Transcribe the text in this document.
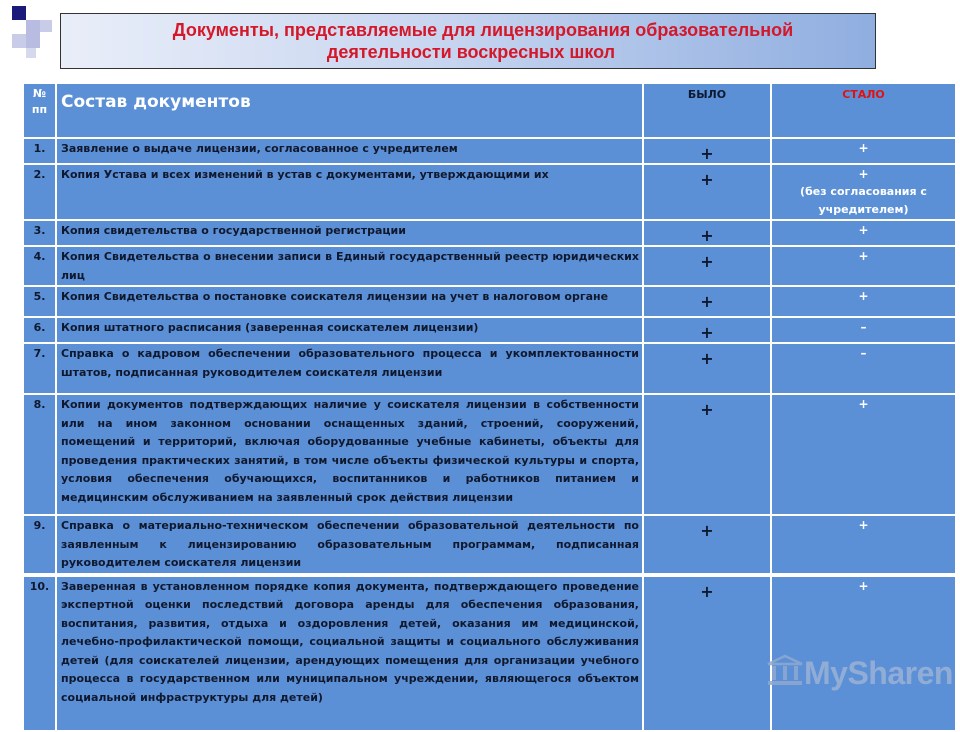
Документы, представляемые для лицензирования образовательной
деятельности воскресных школ
№ пп	Состав документов	БЫЛО	СТАЛО
1.	Заявление о выдаче лицензии, согласованное с учредителем	+	+

2.	Копия Устава и всех изменений в устав с документами, утверждающими их	+	+
(без согласования с учредителем)

3.	Копия свидетельства о государственной регистрации	+	+

4.	Копия Свидетельства о внесении записи в Единый государственный реестр юридических лиц	+	+

5.	Копия Свидетельства о постановке соискателя лицензии на учет в налоговом органе	+	+

6.	Копия штатного расписания (заверенная соискателем лицензии)	+	–

7.	Справка о кадровом обеспечении образовательного процесса и укомплектованности штатов, подписанная руководителем соискателя лицензии	+	–

8.	Копии документов подтверждающих наличие у соискателя лицензии в собственности или на ином законном основании оснащенных зданий, строений, сооружений, помещений и территорий, включая оборудованные учебные кабинеты, объекты для проведения практических занятий, в том числе объекты физической культуры и спорта, условия обеспечения обучающихся, воспитанников и работников питанием и медицинским обслуживанием на заявленный срок действия лицензии	+	+

9.	Справка о материально-техническом обеспечении образовательной деятельности по заявленным к лицензированию образовательным программам, подписанная руководителем соискателя лицензии	+	+

10.	Заверенная в установленном порядке копия документа, подтверждающего проведение экспертной оценки последствий договора аренды для обеспечения образования, воспитания, развития, отдыха и оздоровления детей, оказания им медицинской, лечебно-профилактической помощи, социальной защиты и социального обслуживания детей (для соискателей лицензии, арендующих помещения для организации учебного процесса в государственном или муниципальном учреждении, являющегося объектом социальной инфраструктуры для детей)	+	+
MySharen
